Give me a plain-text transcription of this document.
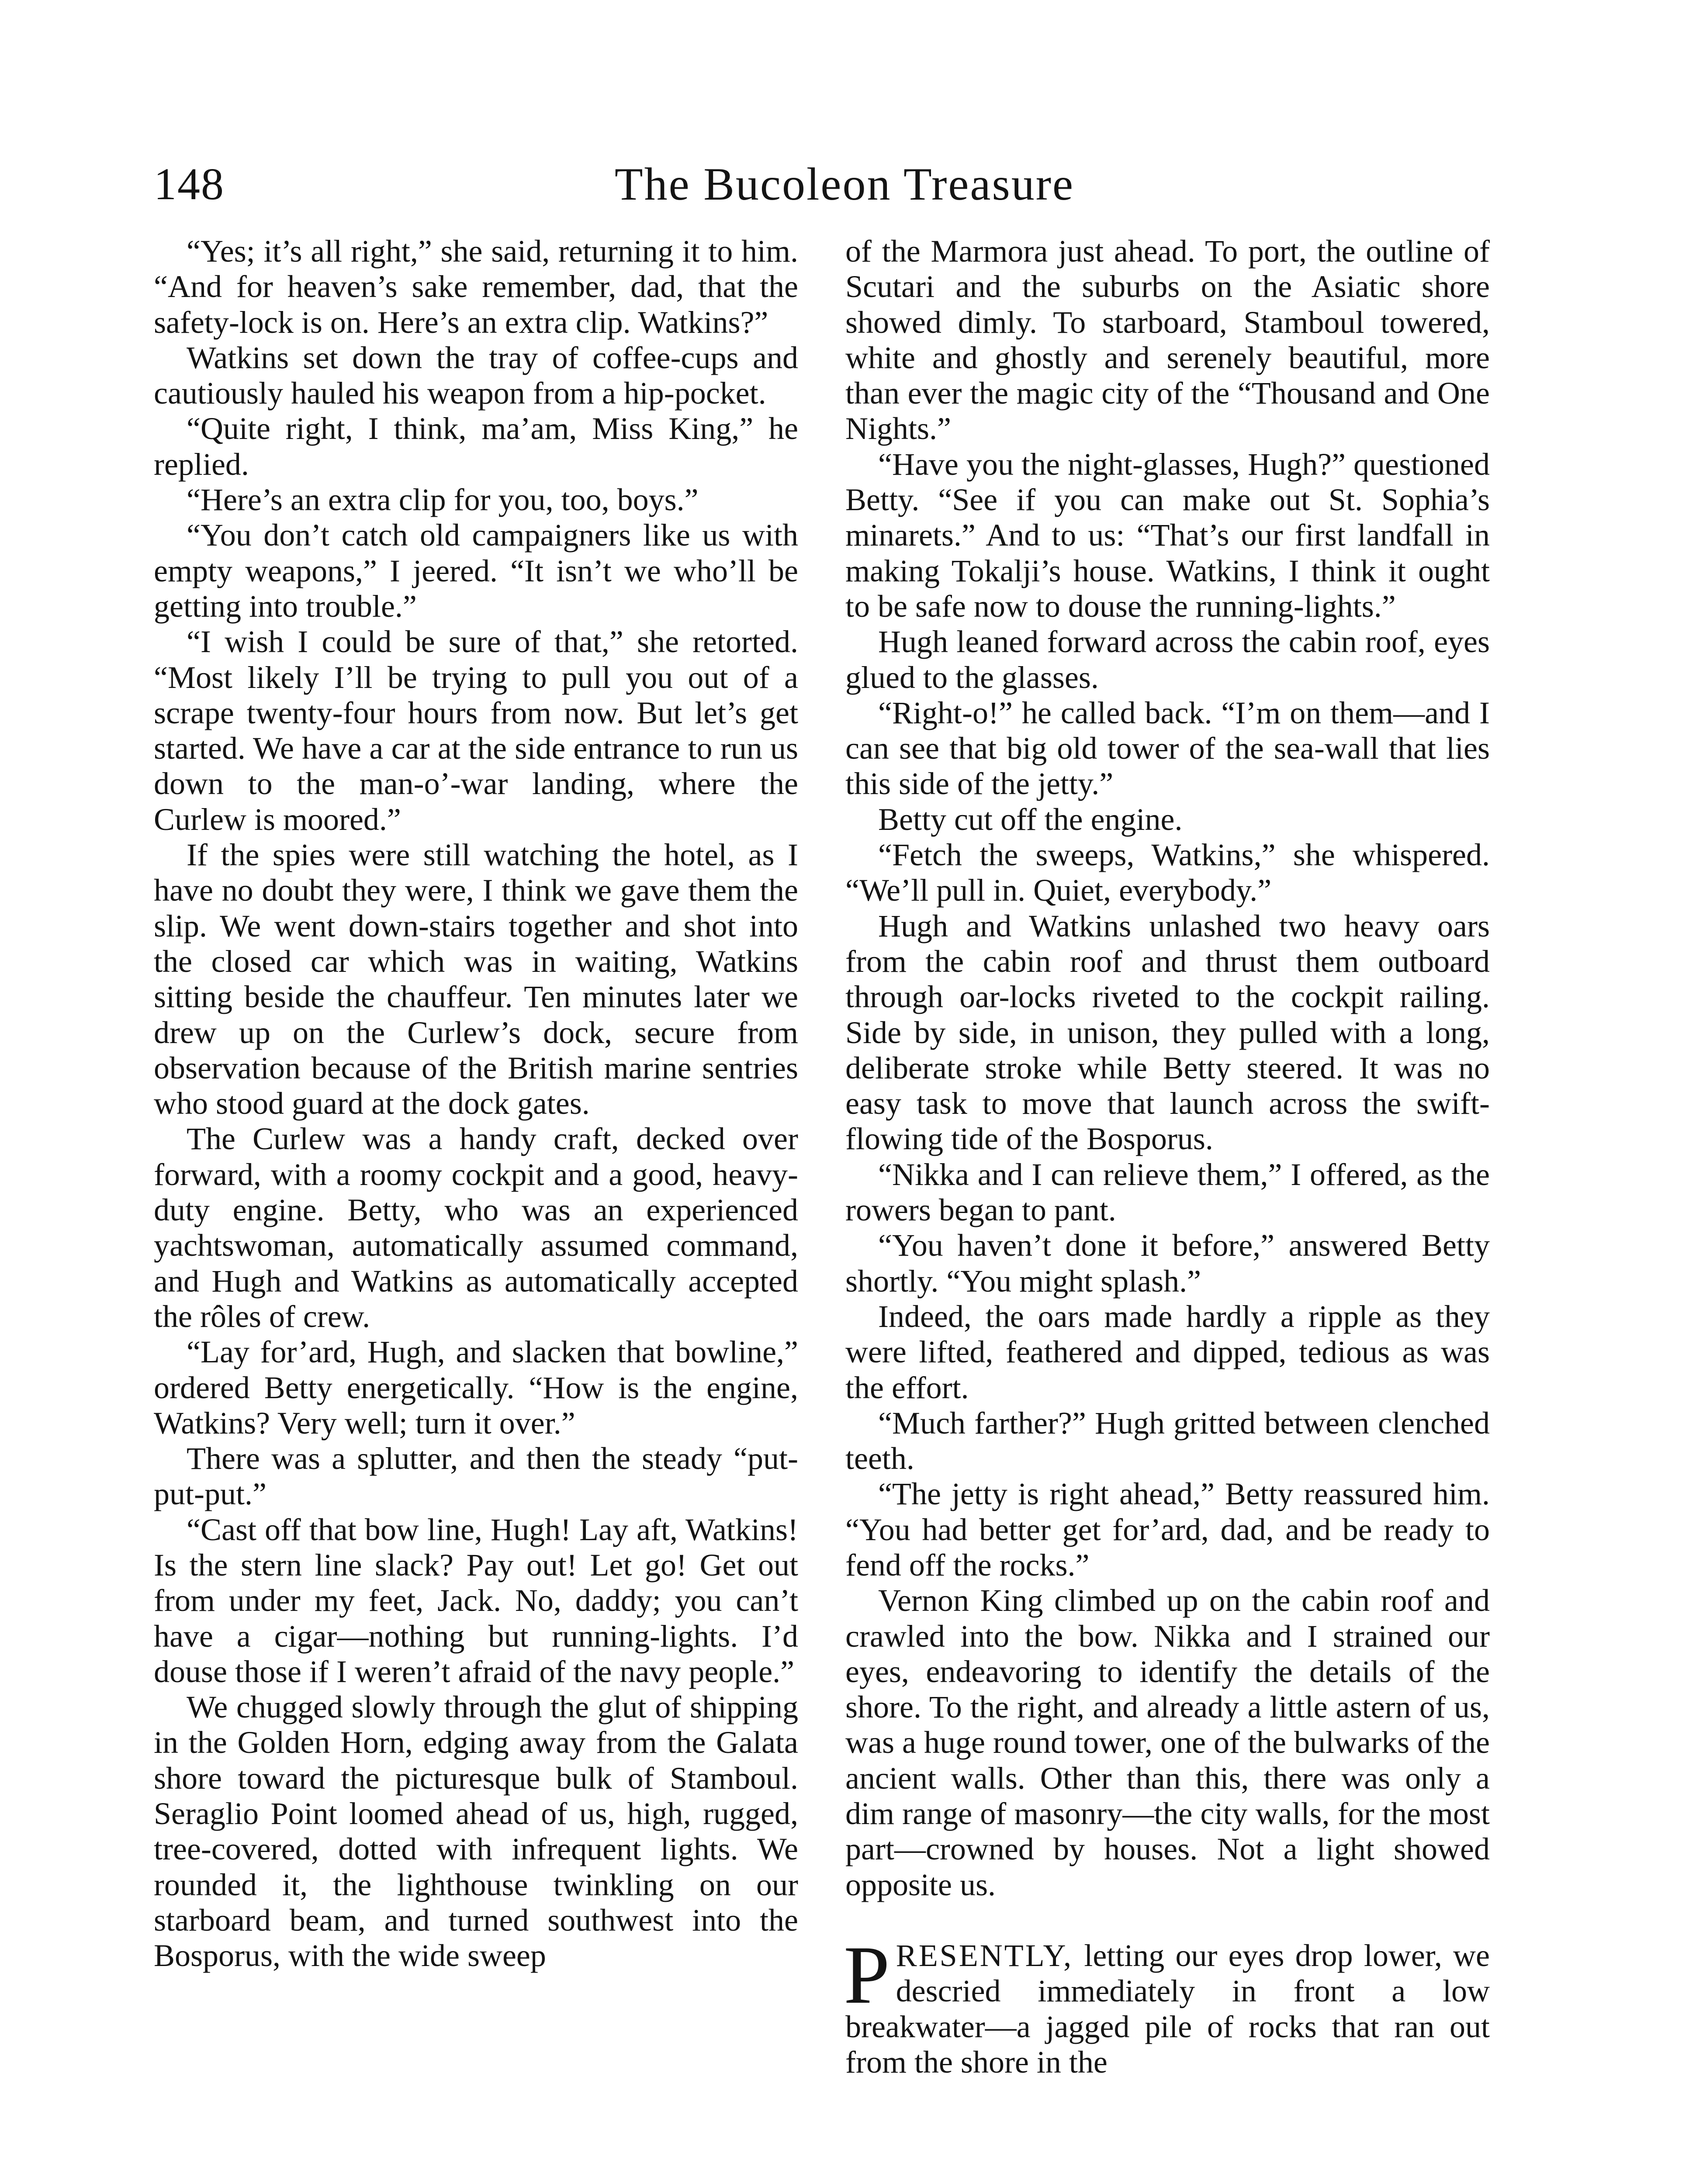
148	The Bucoleon Treasure

“Yes; it’s all right,” she said, returning it to him. “And for heaven’s sake remember, dad, that the safety-lock is on. Here’s an extra clip. Watkins?”

Watkins set down the tray of coffee-cups and cautiously hauled his weapon from a hip-pocket.

“Quite right, I think, ma’am, Miss King,” he replied.

“Here’s an extra clip for you, too, boys.”

“You don’t catch old campaigners like us with empty weapons,” I jeered. “It isn’t we who’ll be getting into trouble.”

“I wish I could be sure of that,” she retorted. “Most likely I’ll be trying to pull you out of a scrape twenty-four hours from now. But let’s get started. We have a car at the side entrance to run us down to the man-o’-war landing, where the Curlew is moored.”

If the spies were still watching the hotel, as I have no doubt they were, I think we gave them the slip. We went down-stairs together and shot into the closed car which was in waiting, Watkins sitting beside the chauffeur. Ten minutes later we drew up on the Curlew’s dock, secure from observation because of the British marine sentries who stood guard at the dock gates.

The Curlew was a handy craft, decked over forward, with a roomy cockpit and a good, heavy-duty engine. Betty, who was an experienced yachtswoman, automatically assumed command, and Hugh and Watkins as automatically accepted the rôles of crew.

“Lay for’ard, Hugh, and slacken that bowline,” ordered Betty energetically. “How is the engine, Watkins? Very well; turn it over.”

There was a splutter, and then the steady “put-put-put.”

“Cast off that bow line, Hugh! Lay aft, Watkins! Is the stern line slack? Pay out! Let go! Get out from under my feet, Jack. No, daddy; you can’t have a cigar—nothing but running-lights. I’d douse those if I weren’t afraid of the navy people.”

We chugged slowly through the glut of shipping in the Golden Horn, edging away from the Galata shore toward the picturesque bulk of Stamboul. Seraglio Point loomed ahead of us, high, rugged, tree-covered, dotted with infrequent lights. We rounded it, the lighthouse twinkling on our starboard beam, and turned southwest into the Bosporus, with the wide sweep

of the Marmora just ahead. To port, the outline of Scutari and the suburbs on the Asiatic shore showed dimly. To starboard, Stamboul towered, white and ghostly and serenely beautiful, more than ever the magic city of the “Thousand and One Nights.”

“Have you the night-glasses, Hugh?” questioned Betty. “See if you can make out St. Sophia’s minarets.” And to us: “That’s our first landfall in making Tokalji’s house. Watkins, I think it ought to be safe now to douse the running-lights.”

Hugh leaned forward across the cabin roof, eyes glued to the glasses.

“Right-o!” he called back. “I’m on them—and I can see that big old tower of the sea-wall that lies this side of the jetty.”

Betty cut off the engine.

“Fetch the sweeps, Watkins,” she whispered. “We’ll pull in. Quiet, everybody.”

Hugh and Watkins unlashed two heavy oars from the cabin roof and thrust them outboard through oar-locks riveted to the cockpit railing. Side by side, in unison, they pulled with a long, deliberate stroke while Betty steered. It was no easy task to move that launch across the swift-flowing tide of the Bosporus.

“Nikka and I can relieve them,” I offered, as the rowers began to pant.

“You haven’t done it before,” answered Betty shortly. “You might splash.”

Indeed, the oars made hardly a ripple as they were lifted, feathered and dipped, tedious as was the effort.

“Much farther?” Hugh gritted between clenched teeth.

“The jetty is right ahead,” Betty reassured him. “You had better get for’ard, dad, and be ready to fend off the rocks.”

Vernon King climbed up on the cabin roof and crawled into the bow. Nikka and I strained our eyes, endeavoring to identify the details of the shore. To the right, and already a little astern of us, was a huge round tower, one of the bulwarks of the ancient walls. Other than this, there was only a dim range of masonry—the city walls, for the most part—crowned by houses. Not a light showed opposite us.

PRESENTLY, letting our eyes drop lower, we descried immediately in front a low breakwater—a jagged pile of rocks that ran out from the shore in the
